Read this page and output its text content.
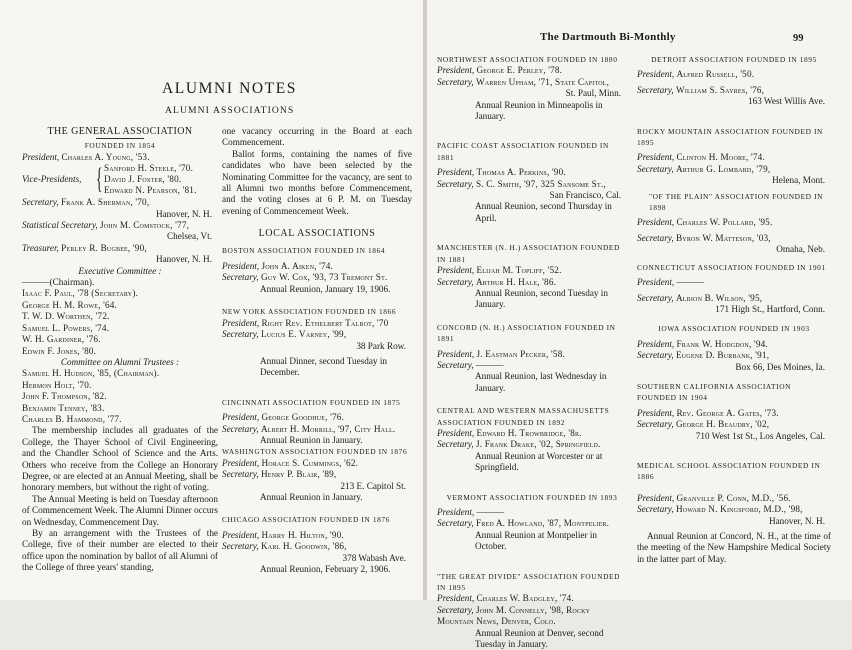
ALUMNI NOTES
ALUMNI ASSOCIATIONS

THE GENERAL ASSOCIATION

FOUNDED IN 1854

President, Charles A. Young, '53.

Vice-Presidents, { Sanford H. Steele, '70.
David J. Foster, '80.
Edward N. Pearson, '81.

Secretary, Frank A. Sherman, '70,

Hanover, N. H.

Statistical Secretary, John M. Comstock, '77,

Chelsea, Vt.

Treasurer, Perley R. Bugbee, '90,

Hanover, N. H.

Executive Committee :

———(Chairman).

Isaac F. Paul, '78 (Secretary).

George H. M. Rowe, '64.

T. W. D. Worthen, '72.

Samuel L. Powers, '74.

W. H. Gardiner, '76.

Edwin F. Jones, '80.

Committee on Alumni Trustees :

Samuel H. Hudson, '85, (Chairman).

Hermon Holt, '70.

John F. Thompson, '82.

Benjamin Tenney, '83.

Charles B. Hammond, '77.

The membership includes all graduates of the College, the Thayer School of Civil Engineering, and the Chandler School of Science and the Arts. Others who receive from the College an Honorary Degree, or are elected at an Annual Meeting, shall be honorary members, but without the right of voting.

The Annual Meeting is held on Tuesday afternoon of Commencement Week. The Alumni Dinner occurs on Wednesday, Commencement Day.

By an arrangement with the Trustees of the College, five of their number are elected to their office upon the nomination by ballot of all Alumni of the College of three years' standing,

one vacancy occurring in the Board at each Commencement.

Ballot forms, containing the names of five candidates who have been selected by the Nominating Committee for the vacancy, are sent to all Alumni two months before Commencement, and the voting closes at 6 P. M. on Tuesday evening of Commencement Week.

LOCAL ASSOCIATIONS

BOSTON ASSOCIATION FOUNDED IN 1864

President, John A. Aiken, '74.

Secretary, Guy W. Cox, '93, 73 Tremont St.

Annual Reunion, January 19, 1906.

NEW YORK ASSOCIATION FOUNDED IN 1866

President, Right Rev. Ethelbert Talbot, '70

Secretary, Lucius E. Varney, '99,

38 Park Row.

Annual Dinner, second Tuesday in December.

CINCINNATI ASSOCIATION FOUNDED IN 1875

President, George Goodhue, '76.

Secretary, Albert H. Morrill, '97, City Hall.

Annual Reunion in January.

WASHINGTON ASSOCIATION FOUNDED IN 1876

President, Horace S. Cummings, '62.

Secretary, Henry P. Blair, '89,

213 E. Capitol St.

Annual Reunion in January.

CHICAGO ASSOCIATION FOUNDED IN 1876

President, Harry H. Hilton, '90.

Secretary, Karl H. Goodwin, '86,

378 Wabash Ave.

Annual Reunion, February 2, 1906.

The Dartmouth Bi-Monthly	99

NORTHWEST ASSOCIATION FOUNDED IN 1880

President, George E. Perley, '78.

Secretary, Warren Upham, '71, State Capitol,

St. Paul, Minn.

Annual Reunion in Minneapolis in January.

PACIFIC COAST ASSOCIATION FOUNDED IN 1881

President, Thomas A. Perkins, '90.

Secretary, S. C. Smith, '97, 325 Sansome St.,

San Francisco, Cal.

Annual Reunion, second Thursday in April.

MANCHESTER (N. H.) ASSOCIATION FOUNDED IN 1881

President, Elijah M. Topliff, '52.

Secretary, Arthur H. Hale, '86.

Annual Reunion, second Tuesday in January.

CONCORD (N. H.) ASSOCIATION FOUNDED IN 1891

President, J. Eastman Pecker, '58.

Secretary, ———

Annual Reunion, last Wednesday in January.

CENTRAL AND WESTERN MASSACHUSETTS ASSOCIATION FOUNDED IN 1892

President, Edward H. Trowbridge, '8r.

Secretary, J. Frank Drake, '02, Springfield.

Annual Reunion at Worcester or at Springfield.

VERMONT ASSOCIATION FOUNDED IN 1893

President, ———

Secretary, Fred A. Howland, '87, Montpelier.

Annual Reunion at Montpelier in October.

"THE GREAT DIVIDE" ASSOCIATION FOUNDED IN 1895

President, Charles W. Badgley, '74.

Secretary, John M. Connelly, '98, Rocky Mountain News, Denver, Colo.

Annual Reunion at Denver, second Tuesday in January.

DETROIT ASSOCIATION FOUNDED IN 1895

President, Alfred Russell, '50.

Secretary, William S. Sayres, '76,

163 West Willis Ave.

ROCKY MOUNTAIN ASSOCIATION FOUNDED IN 1895

President, Clinton H. Moore, '74.

Secretary, Arthur G. Lombard, '79,

Helena, Mont.

"OF THE PLAIN" ASSOCIATION FOUNDED IN 1898

President, Charles W. Pollard, '95.

Secretary, Byron W. Matteson, '03,

Omaha, Neb.

CONNECTICUT ASSOCIATION FOUNDED IN 1901

President, ———

Secretary, Albion B. Wilson, '95,

171 High St., Hartford, Conn.

IOWA ASSOCIATION FOUNDED IN 1903

President, Frank W. Hodgdon, '94.

Secretary, Eugene D. Burbank, '91,

Box 66, Des Moines, Ia.

SOUTHERN CALIFORNIA ASSOCIATION FOUNDED IN 1904

President, Rev. George A. Gates, '73.

Secretary, George H. Beaudry, '02,

710 West 1st St., Los Angeles, Cal.

MEDICAL SCHOOL ASSOCIATION FOUNDED IN 1886

President, Granville P. Conn, M.D., '56.

Secretary, Howard N. Kingsford, M.D., '98,

Hanover, N. H.

Annual Reunion at Concord, N. H., at the time of the meeting of the New Hampshire Medical Society in the latter part of May.
